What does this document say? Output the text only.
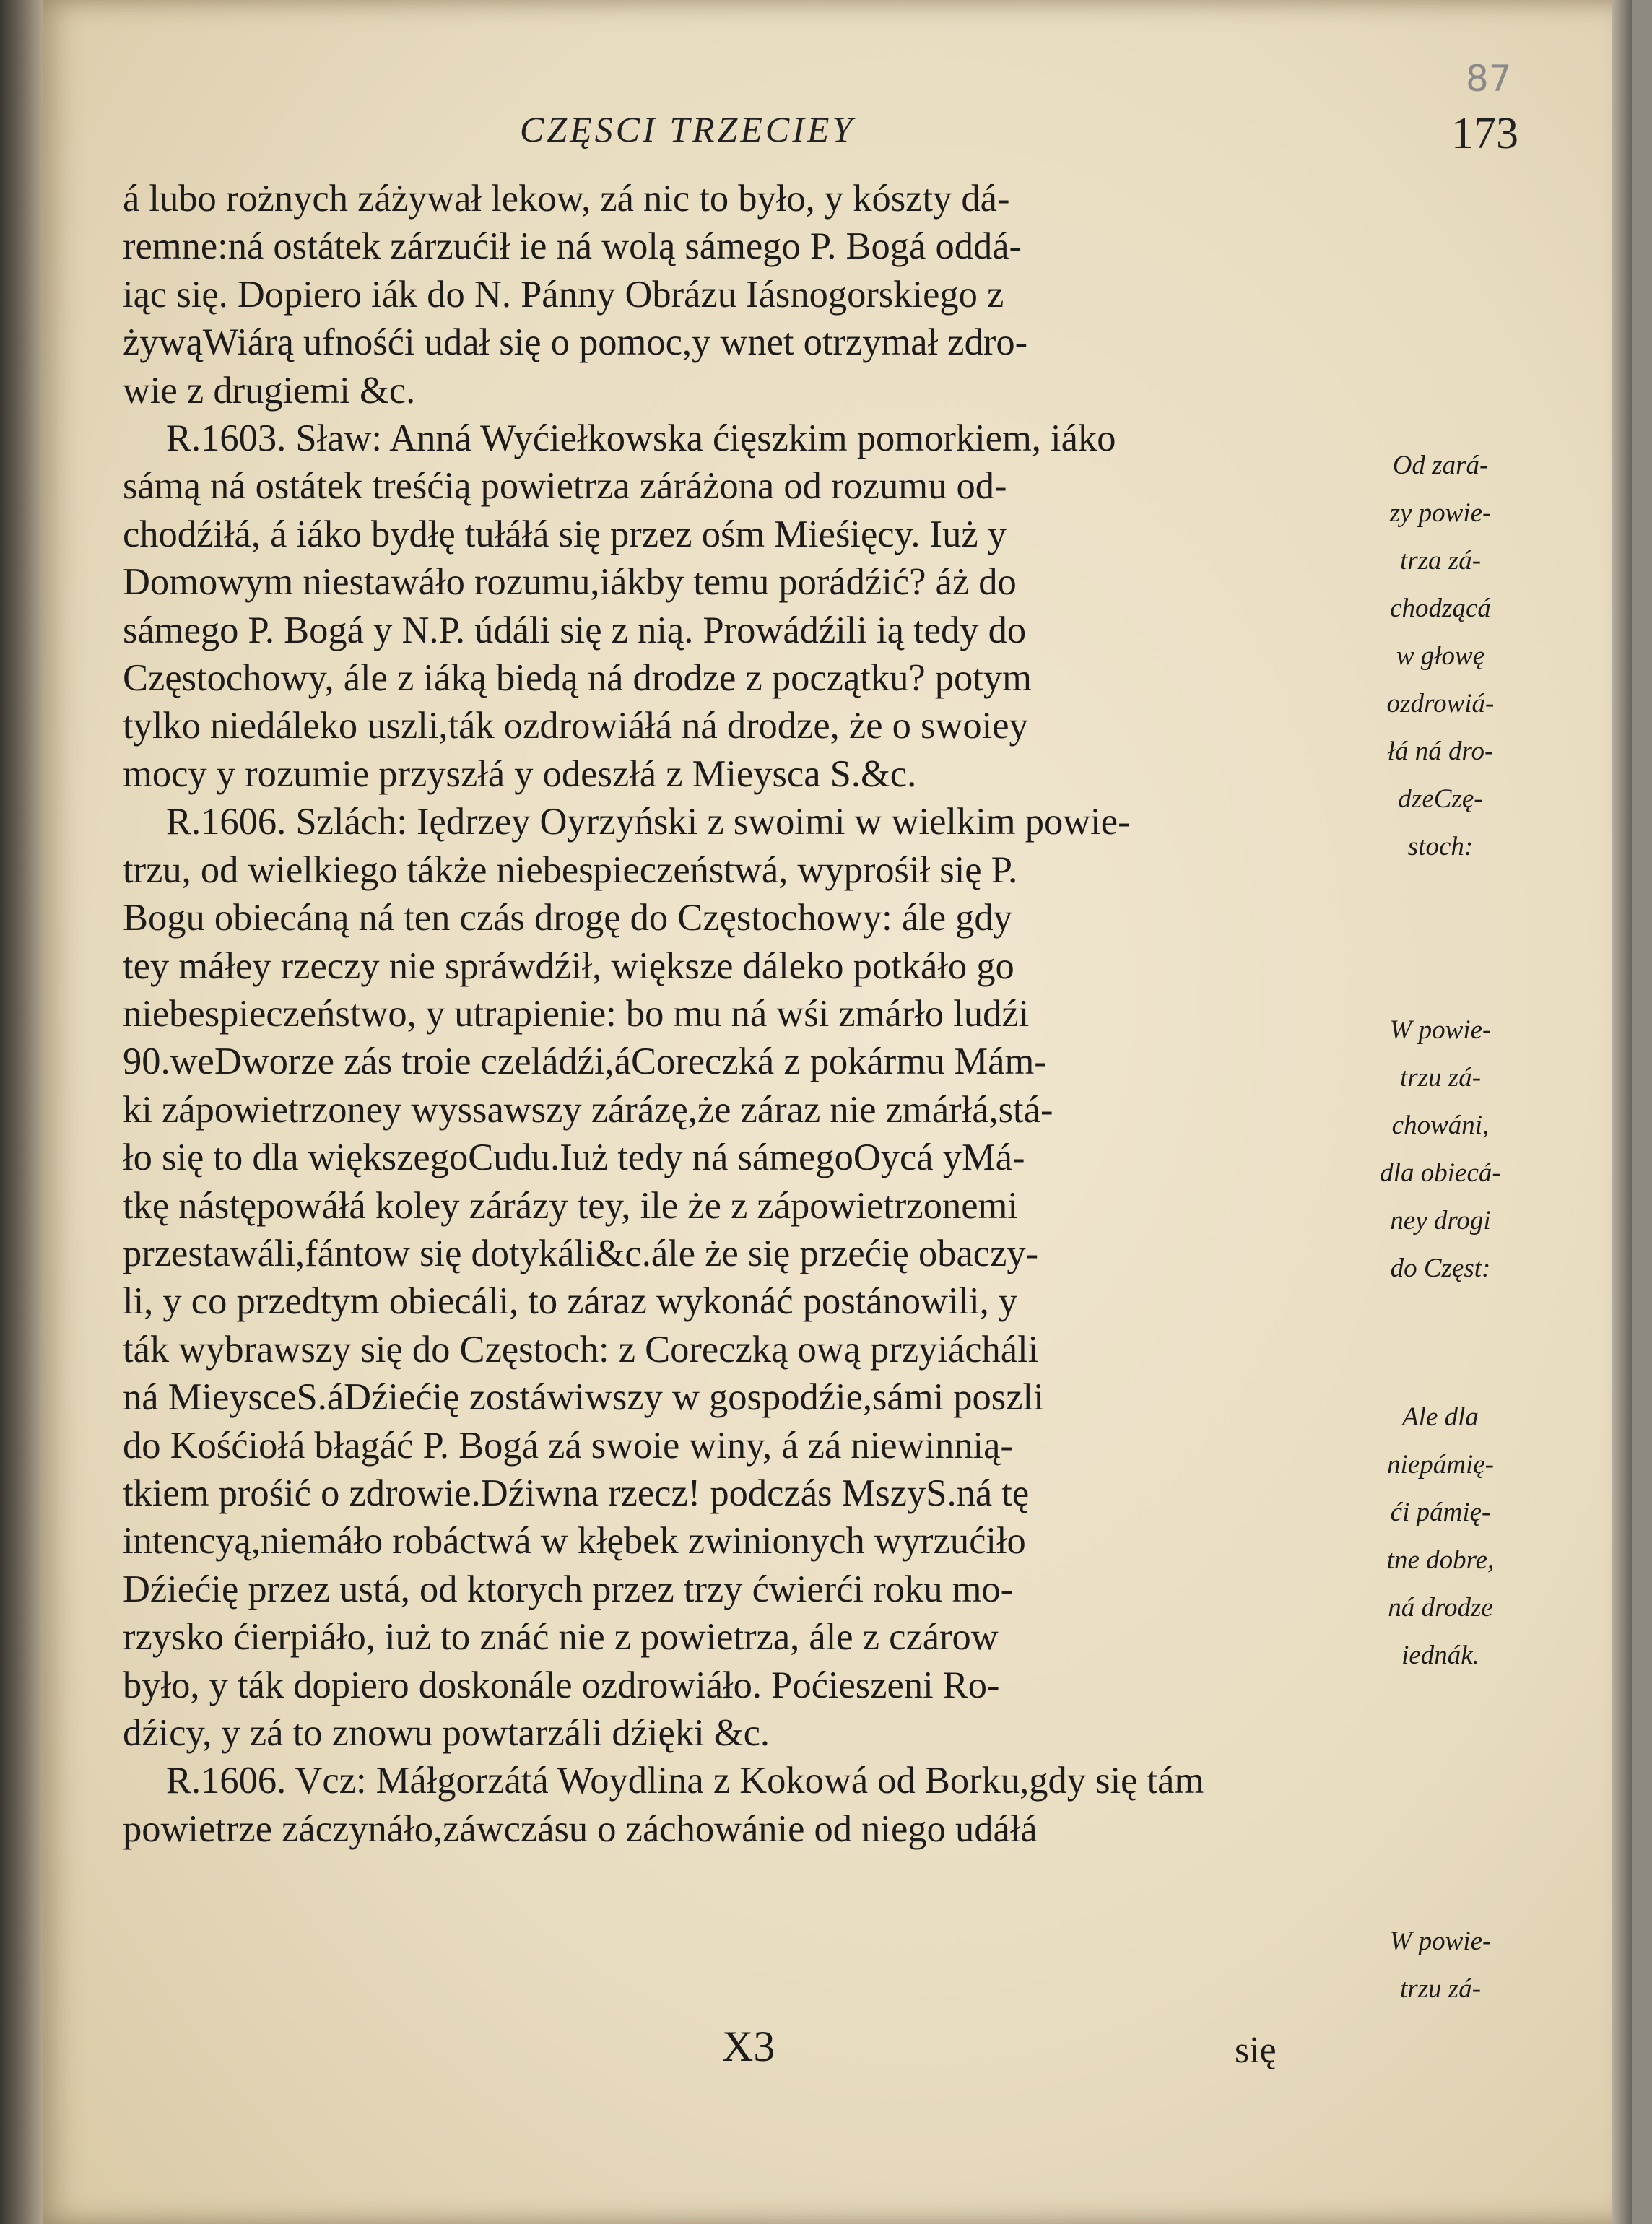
87
CZĘSCI TRZECIEY	173
á lubo rożnych záżywał lekow, zá nic to było, y kószty dá-
remne:ná ostátek zárzućił ie ná wolą sámego P. Bogá oddá-
iąc się. Dopiero iák do N. Pánny Obrázu Iásnogorskiego z
żywąWiárą ufnośći udał się o pomoc,y wnet otrzymał zdro-
wie z drugiemi &c.
R.1603. Sław: Anná Wyćiełkowska ćięszkim pomorkiem, iáko
sámą ná ostátek treśćią powietrza záráżona od rozumu od-
chodźiłá, á iáko bydłę tułáłá się przez ośm Mieśięcy. Iuż y
Domowym niestawáło rozumu,iákby temu porádźić? áż do
sámego P. Bogá y N.P. údáli się z nią. Prowádźili ią tedy do
Częstochowy, ále z iáką biedą ná drodze z początku? potym
tylko niedáleko uszli,ták ozdrowiáłá ná drodze, że o swoiey
mocy y rozumie przyszłá y odeszłá z Mieysca S.&c.
R.1606. Szlách: Iędrzey Oyrzyński z swoimi w wielkim powie-
trzu, od wielkiego tákże niebespieczeństwá, wyprośił się P.
Bogu obiecáną ná ten czás drogę do Częstochowy: ále gdy
tey máłey rzeczy nie spráwdźił, większe dáleko potkáło go
niebespieczeństwo, y utrapienie: bo mu ná wśi zmárło ludźi
90.weDworze zás troie czeládźi,áCoreczká z pokármu Mám-
ki zápowietrzoney wyssawszy zárázę,że záraz nie zmárłá,stá-
ło się to dla większegoCudu.Iuż tedy ná sámegoOycá yMá-
tkę nástępowáłá koley zárázy tey, ile że z zápowietrzonemi
przestawáli,fántow się dotykáli&c.ále że się przećię obaczy-
li, y co przedtym obiecáli, to záraz wykonáć postánowili, y
ták wybrawszy się do Częstoch: z Coreczką ową przyiácháli
ná MieysceS.áDźiećię zostáwiwszy w gospodźie,sámi poszli
do Kośćiołá błagáć P. Bogá zá swoie winy, á zá niewinnią-
tkiem prośić o zdrowie.Dźiwna rzecz! podczás MszyS.ná tę
intencyą,niemáło robáctwá w kłębek zwinionych wyrzućiło
Dźiećię przez ustá, od ktorych przez trzy ćwierći roku mo-
rzysko ćierpiáło, iuż to znáć nie z powietrza, ále z czárow
było, y ták dopiero doskonále ozdrowiáło. Poćieszeni Ro-
dźicy, y zá to znowu powtarzáli dźięki &c.
R.1606. Vcz: Máłgorzátá Woydlina z Kokowá od Borku,gdy się tám
powietrze záczynáło,záwczásu o záchowánie od niego udáłá
Od zará-
zy powie-
trza zá-
chodzącá
w głowę
ozdrowiá-
łá ná dro-
dzeCzę-
stoch:
W powie-
trzu zá-
chowáni,
dla obiecá-
ney drogi
do Częst:
Ale dla
niepámię-
ći pámię-
tne dobre,
ná drodze
iednák.
W powie-
trzu zá-
X3	się
